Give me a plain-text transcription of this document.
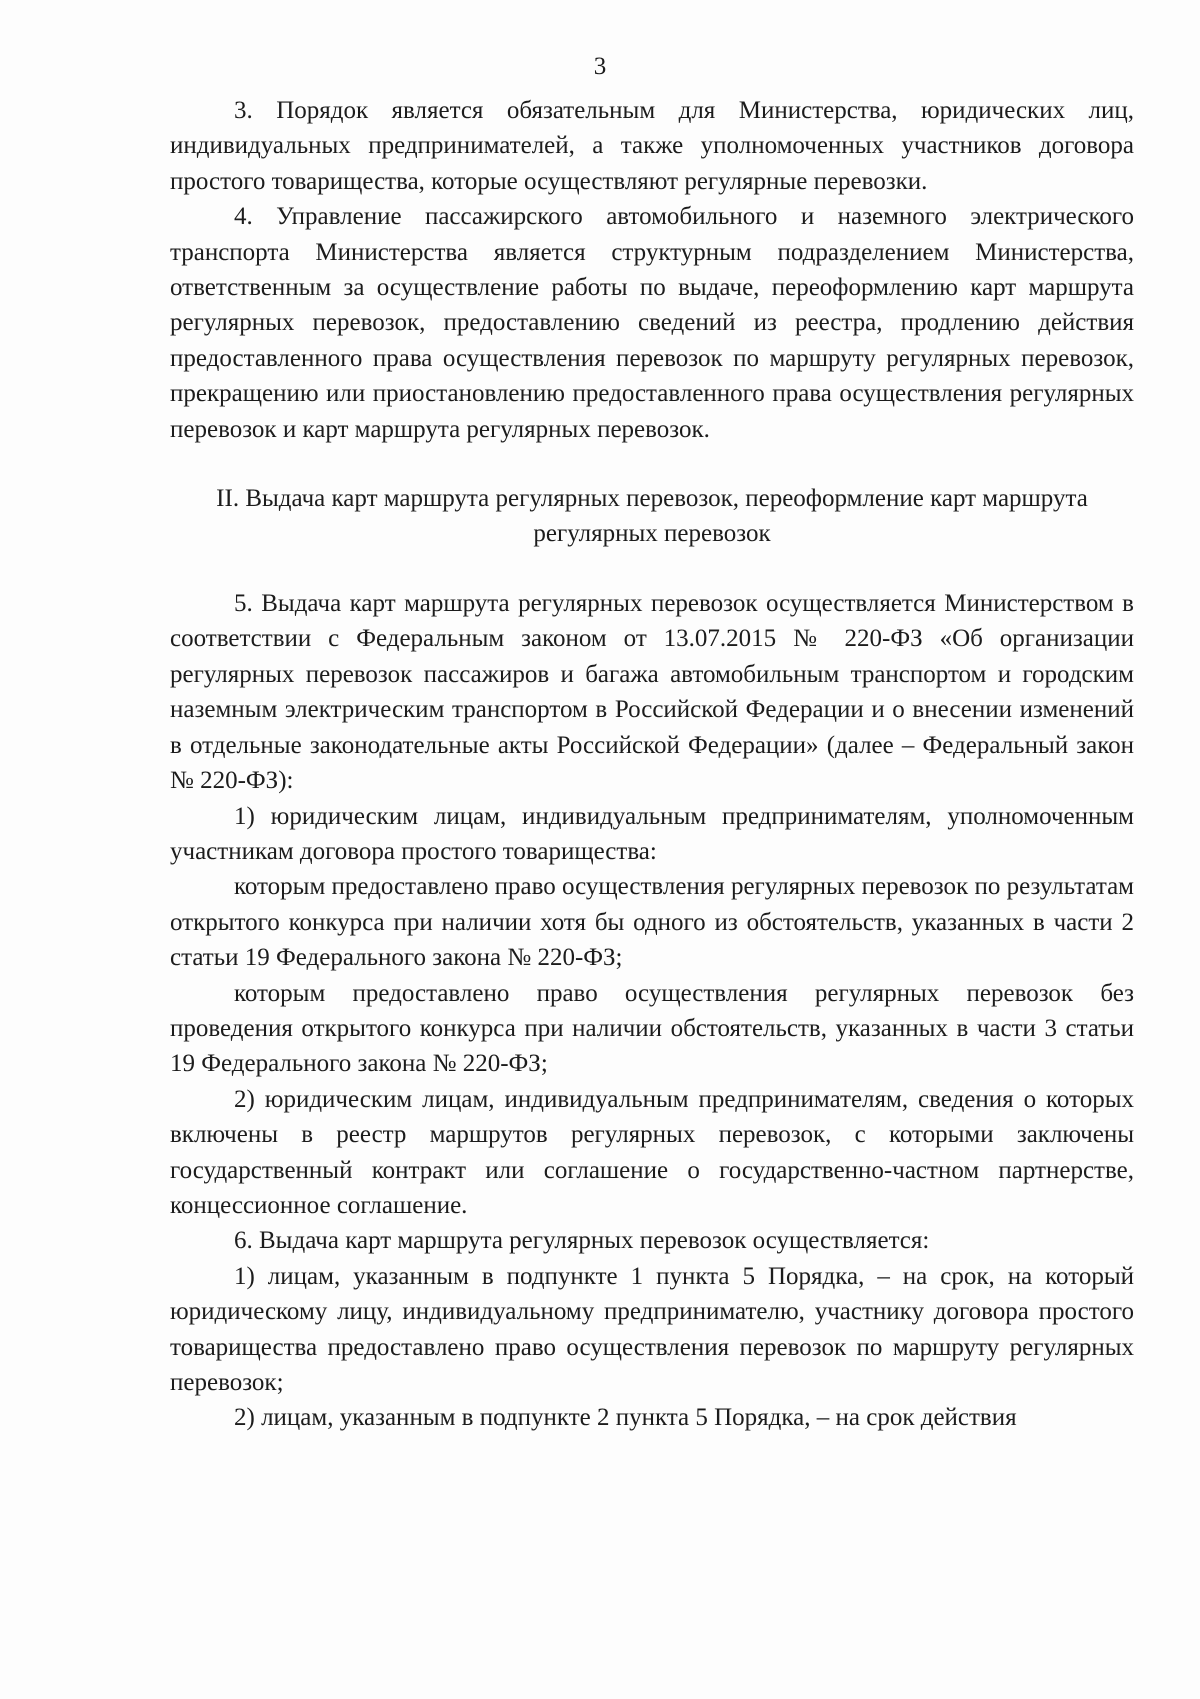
3

3. Порядок является обязательным для Министерства, юридических лиц, индивидуальных предпринимателей, а также уполномоченных участников договора простого товарищества, которые осуществляют регулярные перевозки.

4. Управление пассажирского автомобильного и наземного электрического транспорта Министерства является структурным подразделением Министерства, ответственным за осуществление работы по выдаче, переоформлению карт маршрута регулярных перевозок, предоставлению сведений из реестра, продлению действия предоставленного права осуществления перевозок по маршруту регулярных перевозок, прекращению или приостановлению предоставленного права осуществления регулярных перевозок и карт маршрута регулярных перевозок.

II. Выдача карт маршрута регулярных перевозок, переоформление карт маршрута регулярных перевозок

5. Выдача карт маршрута регулярных перевозок осуществляется Министерством в соответствии с Федеральным законом от 13.07.2015 № 220-ФЗ «Об организации регулярных перевозок пассажиров и багажа автомобильным транспортом и городским наземным электрическим транспортом в Российской Федерации и о внесении изменений в отдельные законодательные акты Российской Федерации» (далее – Федеральный закон № 220-ФЗ):

1) юридическим лицам, индивидуальным предпринимателям, уполномоченным участникам договора простого товарищества:

которым предоставлено право осуществления регулярных перевозок по результатам открытого конкурса при наличии хотя бы одного из обстоятельств, указанных в части 2 статьи 19 Федерального закона № 220-ФЗ;

которым предоставлено право осуществления регулярных перевозок без проведения открытого конкурса при наличии обстоятельств, указанных в части 3 статьи 19 Федерального закона № 220-ФЗ;

2) юридическим лицам, индивидуальным предпринимателям, сведения о которых включены в реестр маршрутов регулярных перевозок, с которыми заключены государственный контракт или соглашение о государственно-частном партнерстве, концессионное соглашение.

6. Выдача карт маршрута регулярных перевозок осуществляется:

1) лицам, указанным в подпункте 1 пункта 5 Порядка, – на срок, на который юридическому лицу, индивидуальному предпринимателю, участнику договора простого товарищества предоставлено право осуществления перевозок по маршруту регулярных перевозок;

2) лицам, указанным в подпункте 2 пункта 5 Порядка, – на срок действия
